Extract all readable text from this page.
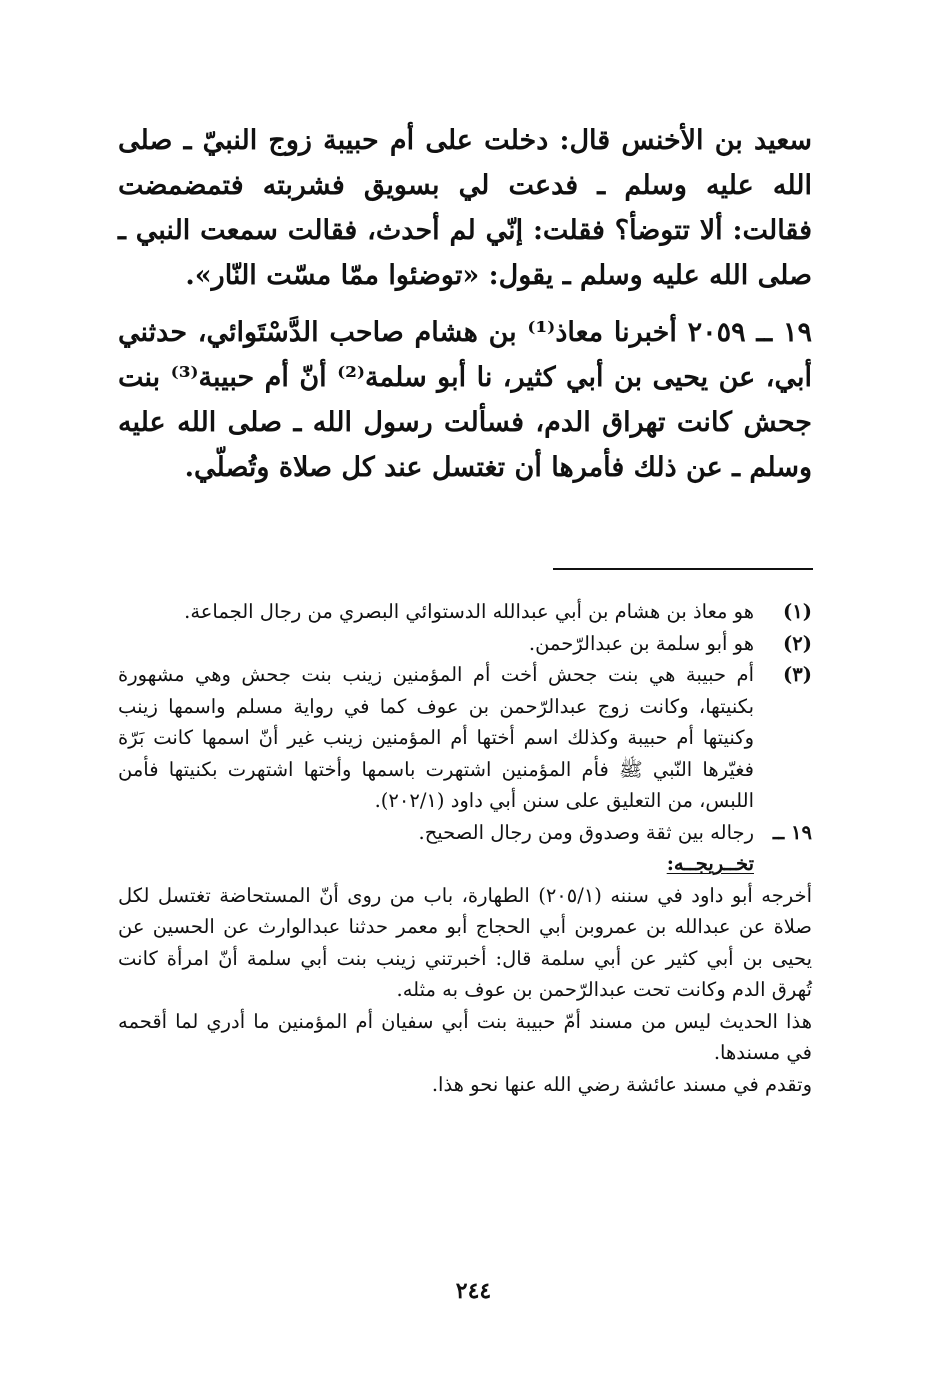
سعيد بن الأخنس قال: دخلت على أم حبيبة زوج النبيّ ـ صلى الله عليه وسلم ـ فدعت لي بسويق فشربته فتمضمضت فقالت: ألا تتوضأ؟ فقلت: إنّي لم أحدث، فقالت سمعت النبي ـ صلى الله عليه وسلم ـ يقول: «توضئوا ممّا مسّت النّار».

١٩ ــ ٢٠٥٩ أخبرنا معاذ⁽¹⁾ بن هشام صاحب الدَّسْتَوائي، حدثني أبي، عن يحيى بن أبي كثير، نا أبو سلمة⁽²⁾ أنّ أم حبيبة⁽³⁾ بنت جحش كانت تهراق الدم، فسألت رسول الله ـ صلى الله عليه وسلم ـ عن ذلك فأمرها أن تغتسل عند كل صلاة وتُصلّي.

(١)
هو معاذ بن هشام بن أبي عبدالله الدستوائي البصري من رجال الجماعة.
(٢)
هو أبو سلمة بن عبدالرّحمن.
(٣)
أم حبيبة هي بنت جحش أخت أم المؤمنين زينب بنت جحش وهي مشهورة بكنيتها، وكانت زوج عبدالرّحمن بن عوف كما في رواية مسلم واسمها زينب وكنيتها أم حبيبة وكذلك اسم أختها أم المؤمنين زينب غير أنّ اسمها كانت بَرّة فغيّرها النّبي ﷺ فأم المؤمنين اشتهرت باسمها وأختها اشتهرت بكنيتها فأمن اللبس، من التعليق على سنن أبي داود (٢٠٢/١).
١٩ ــ
رجاله بين ثقة وصدوق ومن رجال الصحيح.
تخــريجــه:

أخرجه أبو داود في سننه (٢٠٥/١) الطهارة، باب من روى أنّ المستحاضة تغتسل لكل صلاة عن عبدالله بن عمروبن أبي الحجاج أبو معمر حدثنا عبدالوارث عن الحسين عن يحيى بن أبي كثير عن أبي سلمة قال: أخبرتني زينب بنت أبي سلمة أنّ امرأة كانت تُهرق الدم وكانت تحت عبدالرّحمن بن عوف به مثله.

هذا الحديث ليس من مسند أمّ حبيبة بنت أبي سفيان أم المؤمنين ما أدري لما أقحمه في مسندها.

وتقدم في مسند عائشة رضي الله عنها نحو هذا.

٢٤٤
